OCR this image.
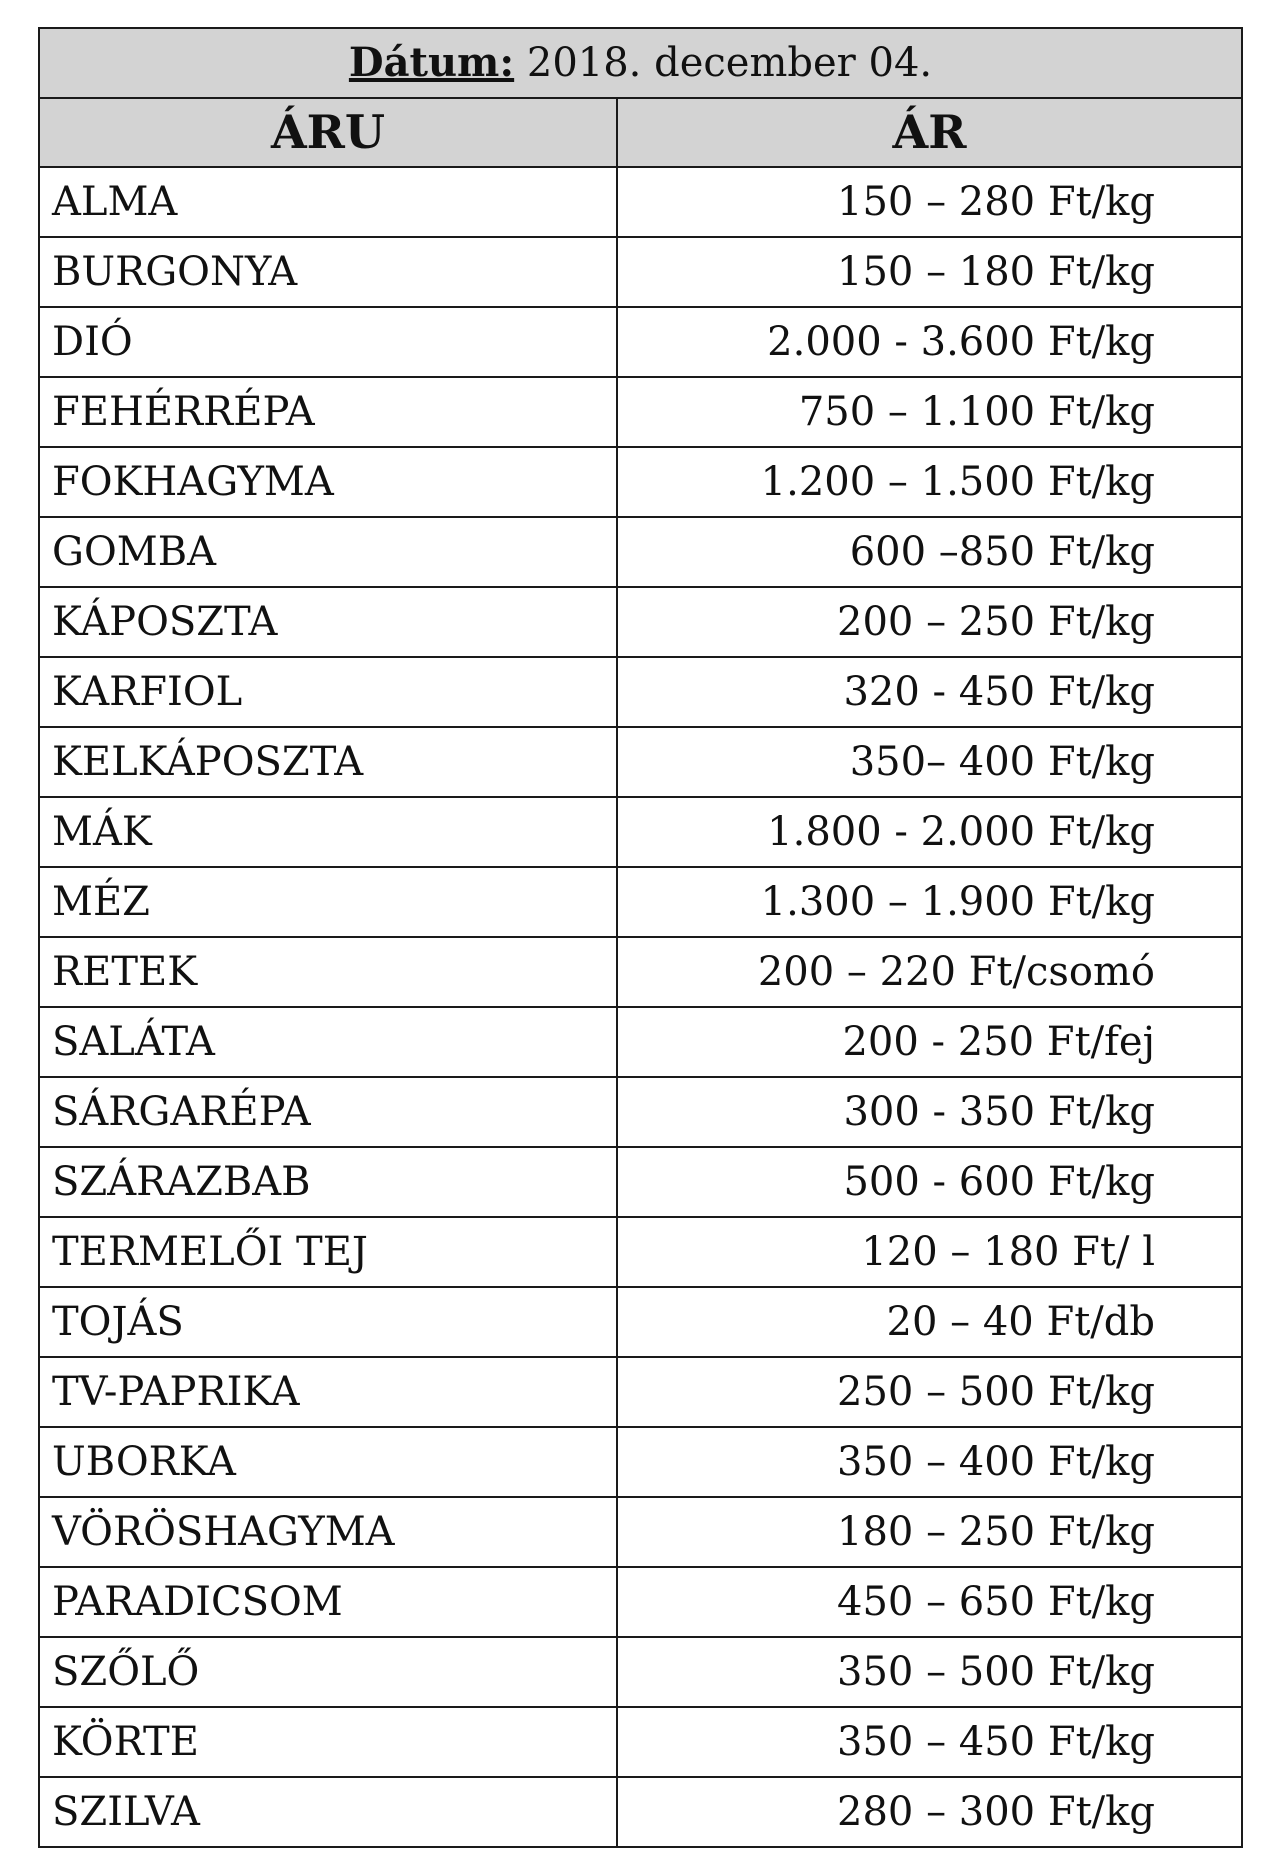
Dátum: 2018. december 04.	
ÁRU	ÁR
ALMA	150 – 280 Ft/kg
BURGONYA	150 – 180 Ft/kg
DIÓ	2.000 - 3.600 Ft/kg
FEHÉRRÉPA	750 – 1.100 Ft/kg
FOKHAGYMA	1.200 – 1.500 Ft/kg
GOMBA	600 –850 Ft/kg
KÁPOSZTA	200 – 250 Ft/kg
KARFIOL	320 - 450 Ft/kg
KELKÁPOSZTA	350– 400 Ft/kg
MÁK	1.800 - 2.000 Ft/kg
MÉZ	1.300 – 1.900 Ft/kg
RETEK	200 – 220 Ft/csomó
SALÁTA	200 - 250 Ft/fej
SÁRGARÉPA	300 - 350 Ft/kg
SZÁRAZBAB	500 - 600 Ft/kg
TERMELŐI TEJ	120 – 180 Ft/ l
TOJÁS	20 – 40 Ft/db
TV-PAPRIKA	250 – 500 Ft/kg
UBORKA	350 – 400 Ft/kg
VÖRÖSHAGYMA	180 – 250 Ft/kg
PARADICSOM	450 – 650 Ft/kg
SZŐLŐ	350 – 500 Ft/kg
KÖRTE	350 – 450 Ft/kg
SZILVA	280 – 300 Ft/kg
